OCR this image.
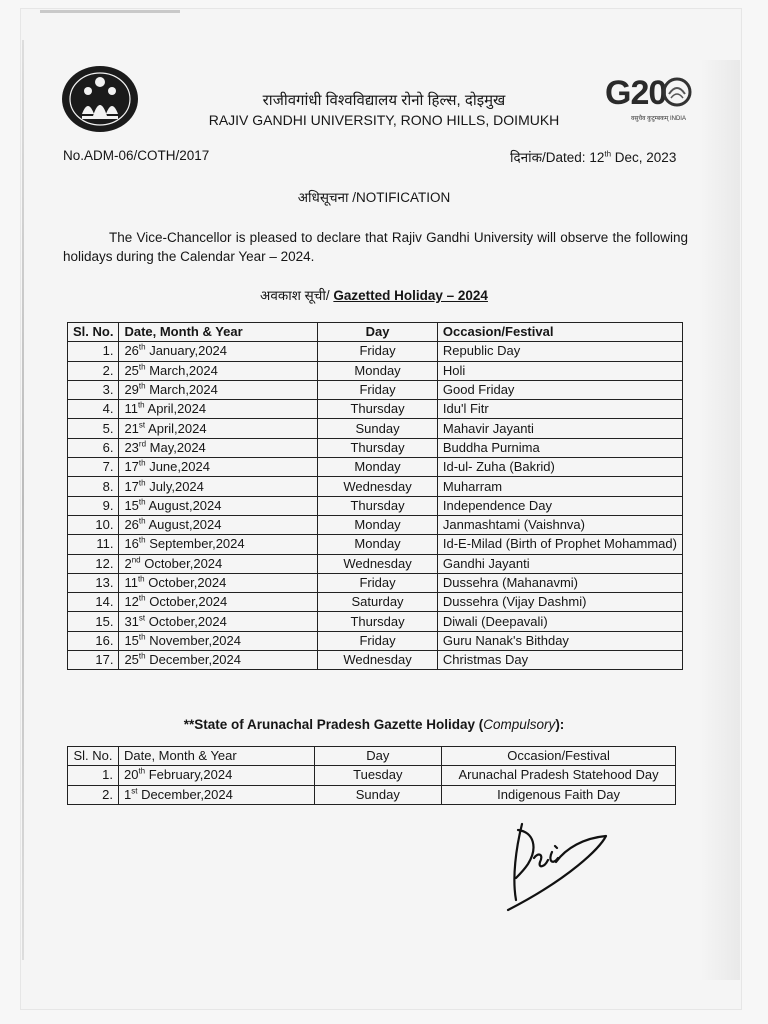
G20
वसुधैव कुटुम्बकम् INDIA
राजीवगांधी विश्वविद्यालय रोनो हिल्स, दोइमुख
RAJIV GANDHI UNIVERSITY, RONO HILLS, DOIMUKH
No.ADM-06/COTH/2017	दिनांक/Dated: 12th Dec, 2023
अधिसूचना /NOTIFICATION
The Vice-Chancellor is pleased to declare that Rajiv Gandhi University will observe the following holidays during the Calendar Year – 2024.
अवकाश सूची/ Gazetted Holiday – 2024
Sl. No.	Date, Month & Year	Day	Occasion/Festival
1.	26th January,2024	Friday	Republic Day
2.	25th March,2024	Monday	Holi
3.	29th March,2024	Friday	Good Friday
4.	11th April,2024	Thursday	Idu'l Fitr
5.	21st April,2024	Sunday	Mahavir Jayanti
6.	23rd May,2024	Thursday	Buddha Purnima
7.	17th June,2024	Monday	Id-ul- Zuha (Bakrid)
8.	17th July,2024	Wednesday	Muharram
9.	15th August,2024	Thursday	Independence Day
10.	26th August,2024	Monday	Janmashtami (Vaishnva)
11.	16th September,2024	Monday	Id-E-Milad (Birth of Prophet Mohammad)
12.	2nd October,2024	Wednesday	Gandhi Jayanti
13.	11th October,2024	Friday	Dussehra (Mahanavmi)
14.	12th October,2024	Saturday	Dussehra (Vijay Dashmi)
15.	31st October,2024	Thursday	Diwali (Deepavali)
16.	15th November,2024	Friday	Guru Nanak's Bithday
17.	25th December,2024	Wednesday	Christmas Day
**State of Arunachal Pradesh Gazette Holiday (Compulsory):
Sl. No.	Date, Month & Year	Day	Occasion/Festival
1.	20th February,2024	Tuesday	Arunachal Pradesh Statehood Day
2.	1st December,2024	Sunday	Indigenous Faith Day
